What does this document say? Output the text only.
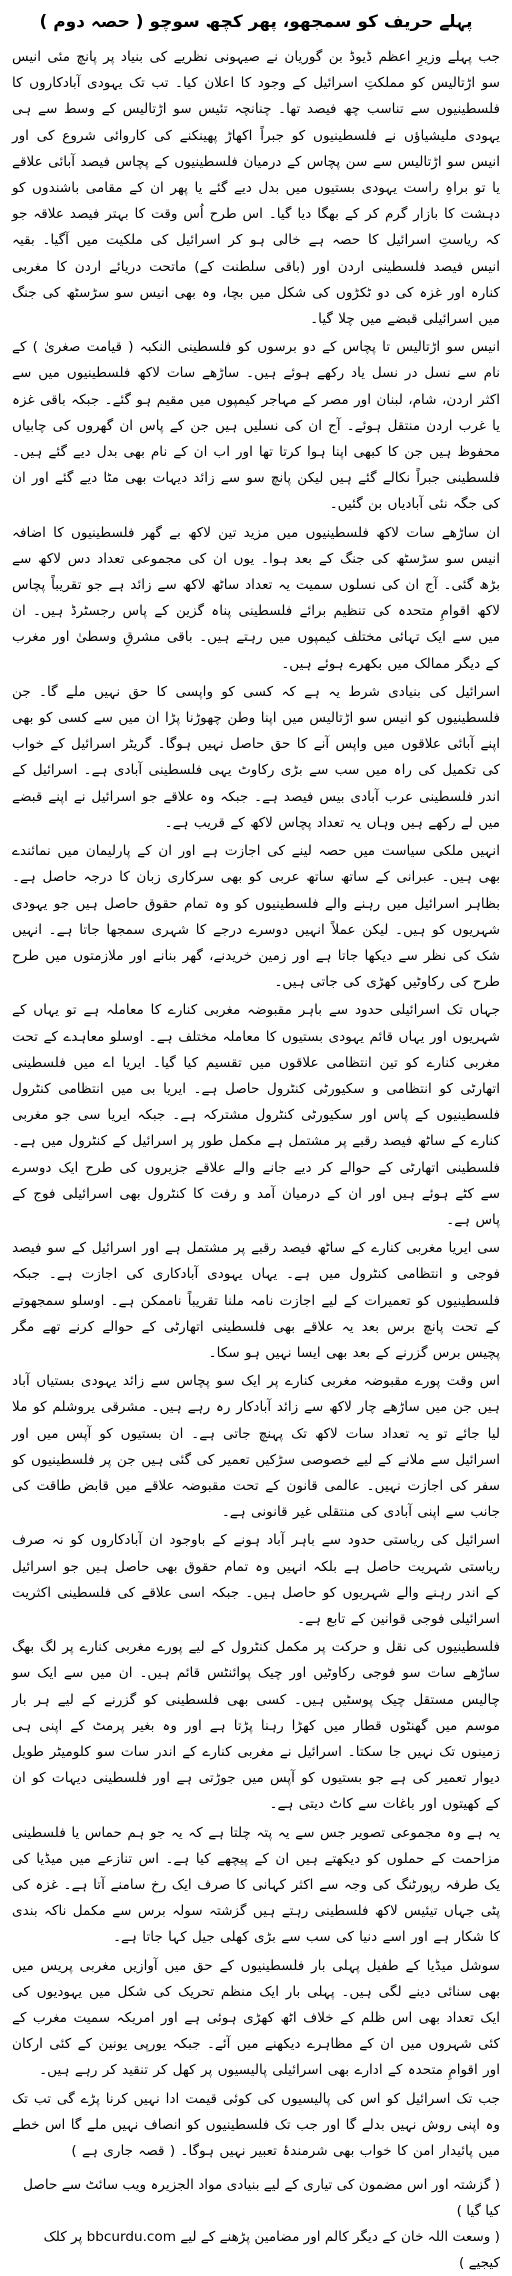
پہلے حریف کو سمجھو، پھر کچھ سوچو ( حصہ دوم )

جب پہلے وزیرِ اعظم ڈیوڈ بن گوریان نے صیہونی نظریے کی بنیاد پر پانچ مئی انیس سو اڑتالیس کو مملکتِ اسرائیل کے وجود کا اعلان کیا۔ تب تک یہودی آبادکاروں کا فلسطینیوں سے تناسب چھ فیصد تھا۔ چنانچہ تئیس سو اڑتالیس کے وسط سے ہی یہودی ملیشیاؤں نے فلسطینیوں کو جبراً اکھاڑ پھینکنے کی کاروائی شروع کی اور انیس سو اڑتالیس سے سن پچاس کے درمیان فلسطینیوں کے پچاس فیصد آبائی علاقے یا تو براہِ راست یہودی بستیوں میں بدل دیے گئے یا پھر ان کے مقامی باشندوں کو دہشت کا بازار گرم کر کے بھگا دیا گیا۔ اس طرح اُس وقت کا بہتر فیصد علاقہ جو کہ ریاستِ اسرائیل کا حصہ ہے خالی ہو کر اسرائیل کی ملکیت میں آگیا۔ بقیہ انیس فیصد فلسطینی اردن اور (باقی سلطنت کے) ماتحت دریائے اردن کا مغربی کنارہ اور غزہ کی دو ٹکڑوں کی شکل میں بچا، وہ بھی انیس سو سڑسٹھ کی جنگ میں اسرائیلی قبضے میں چلا گیا۔

انیس سو اڑتالیس تا پچاس کے دو برسوں کو فلسطینی النکبہ ( قیامت صغریٰ ) کے نام سے نسل در نسل یاد رکھے ہوئے ہیں۔ ساڑھے سات لاکھ فلسطینیوں میں سے اکثر اردن، شام، لبنان اور مصر کے مہاجر کیمپوں میں مقیم ہو گئے۔ جبکہ باقی غزہ یا غرب اردن منتقل ہوئے۔ آج ان کی نسلیں ہیں جن کے پاس ان گھروں کی چابیاں محفوظ ہیں جن کا کبھی اپنا ہوا کرتا تھا اور اب ان کے نام بھی بدل دیے گئے ہیں۔ فلسطینی جبراً نکالے گئے ہیں لیکن پانچ سو سے زائد دیہات بھی مٹا دیے گئے اور ان کی جگہ نئی آبادیاں بن گئیں۔

ان ساڑھے سات لاکھ فلسطینیوں میں مزید تین لاکھ بے گھر فلسطینیوں کا اضافہ انیس سو سڑسٹھ کی جنگ کے بعد ہوا۔ یوں ان کی مجموعی تعداد دس لاکھ سے بڑھ گئی۔ آج ان کی نسلوں سمیت یہ تعداد ساٹھ لاکھ سے زائد ہے جو تقریباً پچاس لاکھ اقوامِ متحدہ کی تنظیم برائے فلسطینی پناہ گزین کے پاس رجسٹرڈ ہیں۔ ان میں سے ایک تہائی مختلف کیمپوں میں رہتے ہیں۔ باقی مشرقِ وسطیٰ اور مغرب کے دیگر ممالک میں بکھرے ہوئے ہیں۔

اسرائیل کی بنیادی شرط یہ ہے کہ کسی کو واپسی کا حق نہیں ملے گا۔ جن فلسطینیوں کو انیس سو اڑتالیس میں اپنا وطن چھوڑنا پڑا ان میں سے کسی کو بھی اپنے آبائی علاقوں میں واپس آنے کا حق حاصل نہیں ہوگا۔ گریٹر اسرائیل کے خواب کی تکمیل کی راہ میں سب سے بڑی رکاوٹ یہی فلسطینی آبادی ہے۔ اسرائیل کے اندر فلسطینی عرب آبادی بیس فیصد ہے۔ جبکہ وہ علاقے جو اسرائیل نے اپنے قبضے میں لے رکھے ہیں وہاں یہ تعداد پچاس لاکھ کے قریب ہے۔

انہیں ملکی سیاست میں حصہ لینے کی اجازت ہے اور ان کے پارلیمان میں نمائندے بھی ہیں۔ عبرانی کے ساتھ ساتھ عربی کو بھی سرکاری زبان کا درجہ حاصل ہے۔ بظاہر اسرائیل میں رہنے والے فلسطینیوں کو وہ تمام حقوق حاصل ہیں جو یہودی شہریوں کو ہیں۔ لیکن عملاً انہیں دوسرے درجے کا شہری سمجھا جاتا ہے۔ انہیں شک کی نظر سے دیکھا جاتا ہے اور زمین خریدنے، گھر بنانے اور ملازمتوں میں طرح طرح کی رکاوٹیں کھڑی کی جاتی ہیں۔

جہاں تک اسرائیلی حدود سے باہر مقبوضہ مغربی کنارے کا معاملہ ہے تو یہاں کے شہریوں اور یہاں قائم یہودی بستیوں کا معاملہ مختلف ہے۔ اوسلو معاہدے کے تحت مغربی کنارے کو تین انتظامی علاقوں میں تقسیم کیا گیا۔ ایریا اے میں فلسطینی اتھارٹی کو انتظامی و سکیورٹی کنٹرول حاصل ہے۔ ایریا بی میں انتظامی کنٹرول فلسطینیوں کے پاس اور سکیورٹی کنٹرول مشترکہ ہے۔ جبکہ ایریا سی جو مغربی کنارے کے ساٹھ فیصد رقبے پر مشتمل ہے مکمل طور پر اسرائیل کے کنٹرول میں ہے۔ فلسطینی اتھارٹی کے حوالے کر دیے جانے والے علاقے جزیروں کی طرح ایک دوسرے سے کٹے ہوئے ہیں اور ان کے درمیان آمد و رفت کا کنٹرول بھی اسرائیلی فوج کے پاس ہے۔

سی ایریا مغربی کنارے کے ساٹھ فیصد رقبے پر مشتمل ہے اور اسرائیل کے سو فیصد فوجی و انتظامی کنٹرول میں ہے۔ یہاں یہودی آبادکاری کی اجازت ہے۔ جبکہ فلسطینیوں کو تعمیرات کے لیے اجازت نامہ ملنا تقریباً ناممکن ہے۔ اوسلو سمجھوتے کے تحت پانچ برس بعد یہ علاقے بھی فلسطینی اتھارٹی کے حوالے کرنے تھے مگر پچیس برس گزرنے کے بعد بھی ایسا نہیں ہو سکا۔

اس وقت پورے مقبوضہ مغربی کنارے پر ایک سو پچاس سے زائد یہودی بستیاں آباد ہیں جن میں ساڑھے چار لاکھ سے زائد آبادکار رہ رہے ہیں۔ مشرقی یروشلم کو ملا لیا جائے تو یہ تعداد سات لاکھ تک پہنچ جاتی ہے۔ ان بستیوں کو آپس میں اور اسرائیل سے ملانے کے لیے خصوصی سڑکیں تعمیر کی گئی ہیں جن پر فلسطینیوں کو سفر کی اجازت نہیں۔ عالمی قانون کے تحت مقبوضہ علاقے میں قابض طاقت کی جانب سے اپنی آبادی کی منتقلی غیر قانونی ہے۔

اسرائیل کی ریاستی حدود سے باہر آباد ہونے کے باوجود ان آبادکاروں کو نہ صرف ریاستی شہریت حاصل ہے بلکہ انہیں وہ تمام حقوق بھی حاصل ہیں جو اسرائیل کے اندر رہنے والے شہریوں کو حاصل ہیں۔ جبکہ اسی علاقے کی فلسطینی اکثریت اسرائیلی فوجی قوانین کے تابع ہے۔

فلسطینیوں کی نقل و حرکت پر مکمل کنٹرول کے لیے پورے مغربی کنارے پر لگ بھگ ساڑھے سات سو فوجی رکاوٹیں اور چیک پوائنٹس قائم ہیں۔ ان میں سے ایک سو چالیس مستقل چیک پوسٹیں ہیں۔ کسی بھی فلسطینی کو گزرنے کے لیے ہر بار موسم میں گھنٹوں قطار میں کھڑا رہنا پڑتا ہے اور وہ بغیر پرمٹ کے اپنی ہی زمینوں تک نہیں جا سکتا۔ اسرائیل نے مغربی کنارے کے اندر سات سو کلومیٹر طویل دیوار تعمیر کی ہے جو بستیوں کو آپس میں جوڑتی ہے اور فلسطینی دیہات کو ان کے کھیتوں اور باغات سے کاٹ دیتی ہے۔

یہ ہے وہ مجموعی تصویر جس سے یہ پتہ چلتا ہے کہ یہ جو ہم حماس یا فلسطینی مزاحمت کے حملوں کو دیکھتے ہیں ان کے پیچھے کیا ہے۔ اس تنازعے میں میڈیا کی یک طرفہ رپورٹنگ کی وجہ سے اکثر کہانی کا صرف ایک رخ سامنے آتا ہے۔ غزہ کی پٹی جہاں تیئیس لاکھ فلسطینی رہتے ہیں گزشتہ سولہ برس سے مکمل ناکہ بندی کا شکار ہے اور اسے دنیا کی سب سے بڑی کھلی جیل کہا جاتا ہے۔

سوشل میڈیا کے طفیل پہلی بار فلسطینیوں کے حق میں آوازیں مغربی پریس میں بھی سنائی دینے لگی ہیں۔ پہلی بار ایک منظم تحریک کی شکل میں یہودیوں کی ایک تعداد بھی اس ظلم کے خلاف اٹھ کھڑی ہوئی ہے اور امریکہ سمیت مغرب کے کئی شہروں میں ان کے مظاہرے دیکھنے میں آئے۔ جبکہ یورپی یونین کے کئی ارکان اور اقوامِ متحدہ کے ادارے بھی اسرائیلی پالیسیوں پر کھل کر تنقید کر رہے ہیں۔

جب تک اسرائیل کو اس کی پالیسیوں کی کوئی قیمت ادا نہیں کرنا پڑے گی تب تک وہ اپنی روش نہیں بدلے گا اور جب تک فلسطینیوں کو انصاف نہیں ملے گا اس خطے میں پائیدار امن کا خواب بھی شرمندۂ تعبیر نہیں ہوگا۔ ( قصہ جاری ہے )

( گزشتہ اور اس مضمون کی تیاری کے لیے بنیادی مواد الجزیرہ ویب سائٹ سے حاصل کیا گیا )
( وسعت اللہ خان کے دیگر کالم اور مضامین پڑھنے کے لیے bbcurdu.com پر کلک کیجیے )
